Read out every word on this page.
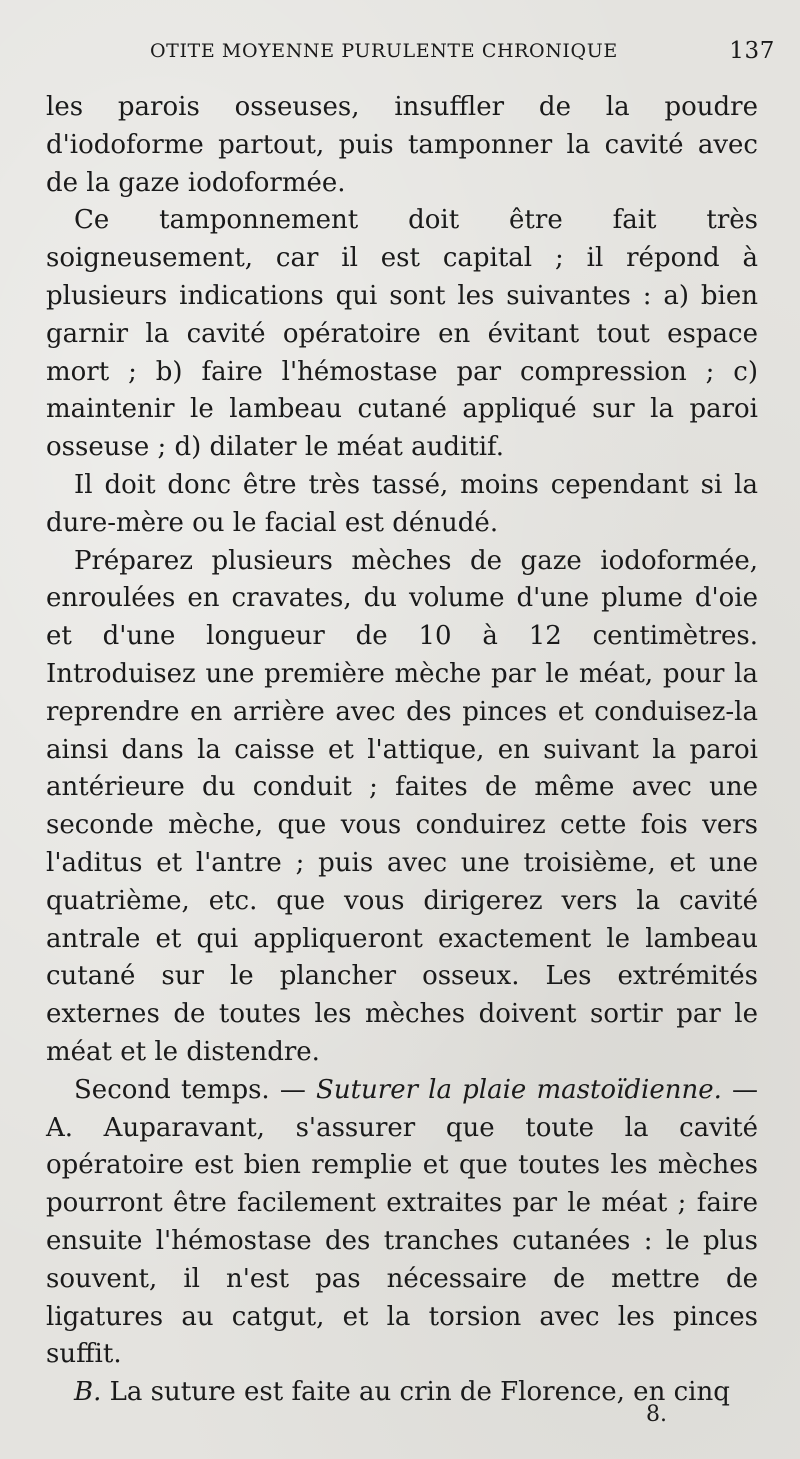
OTITE MOYENNE PURULENTE CHRONIQUE	137

les parois osseuses, insuffler de la poudre d'iodoforme partout, puis tamponner la cavité avec de la gaze iodoformée.

Ce tamponnement doit être fait très soigneusement, car il est capital ; il répond à plusieurs indications qui sont les suivantes : a) bien garnir la cavité opératoire en évitant tout espace mort ; b) faire l'hémostase par compression ; c) maintenir le lambeau cutané appliqué sur la paroi osseuse ; d) dilater le méat auditif.

Il doit donc être très tassé, moins cependant si la dure-mère ou le facial est dénudé.

Préparez plusieurs mèches de gaze iodoformée, enroulées en cravates, du volume d'une plume d'oie et d'une longueur de 10 à 12 centimètres. Introduisez une première mèche par le méat, pour la reprendre en arrière avec des pinces et conduisez-la ainsi dans la caisse et l'attique, en suivant la paroi antérieure du conduit ; faites de même avec une seconde mèche, que vous conduirez cette fois vers l'aditus et l'antre ; puis avec une troisième, et une quatrième, etc. que vous dirigerez vers la cavité antrale et qui appliqueront exactement le lambeau cutané sur le plancher osseux. Les extrémités externes de toutes les mèches doivent sortir par le méat et le distendre.

Second temps. — Suturer la plaie mastoïdienne. — A. Auparavant, s'assurer que toute la cavité opératoire est bien remplie et que toutes les mèches pourront être facilement extraites par le méat ; faire ensuite l'hémostase des tranches cutanées : le plus souvent, il n'est pas nécessaire de mettre de ligatures au catgut, et la torsion avec les pinces suffit.

B. La suture est faite au crin de Florence, en cinq

8.
